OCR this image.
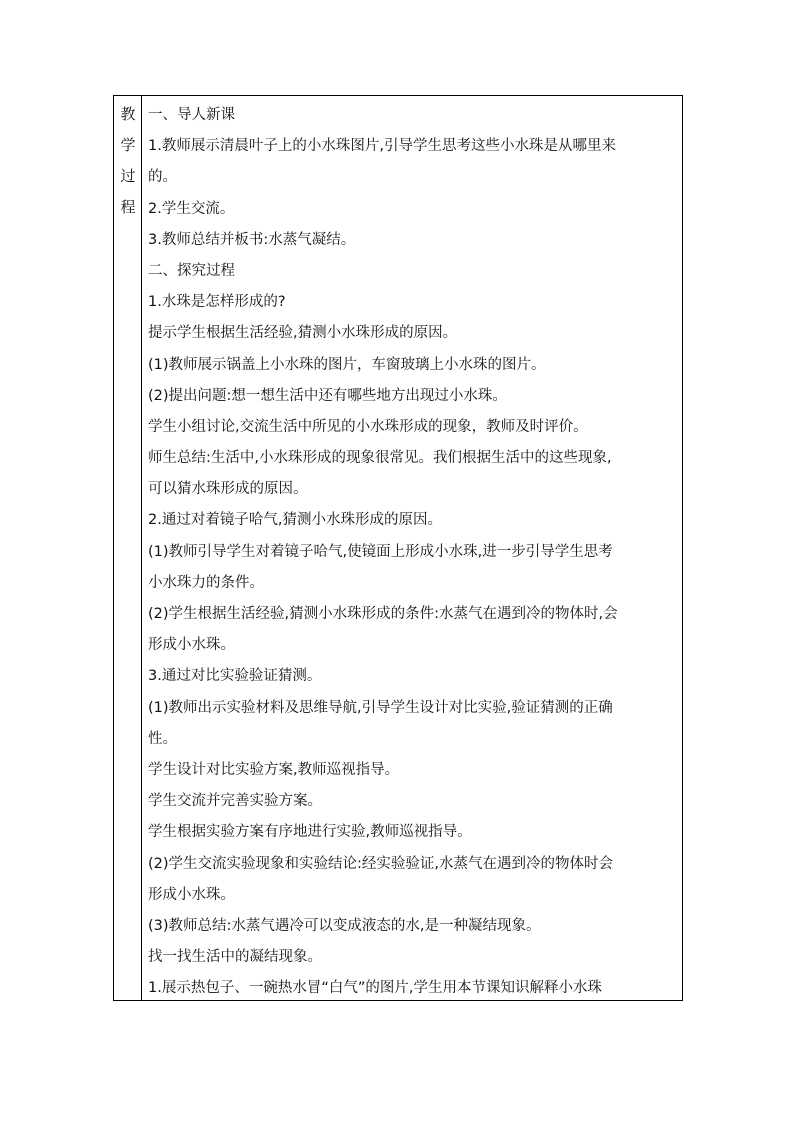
教
学
过
程
一、导人新课
1.教师展示清晨叶子上的小水珠图片,引导学生思考这些小水珠是从哪里来
的。
2.学生交流。
3.教师总结并板书:水蒸气凝结。
二、探究过程
1.水珠是怎样形成的?
提示学生根据生活经验,猜测小水珠形成的原因。
(1)教师展示锅盖上小水珠的图片，车窗玻璃上小水珠的图片。
(2)提出问题:想一想生活中还有哪些地方出现过小水珠。
学生小组讨论,交流生活中所见的小水珠形成的现象，教师及时评价。
师生总结:生活中,小水珠形成的现象很常见。我们根据生活中的这些现象,
可以猜水珠形成的原因。
2.通过对着镜子哈气,猜测小水珠形成的原因。
(1)教师引导学生对着镜子哈气,使镜面上形成小水珠,进一步引导学生思考
小水珠力的条件。
(2)学生根据生活经验,猜测小水珠形成的条件:水蒸气在遇到冷的物体时,会
形成小水珠。
3.通过对比实验验证猜测。
(1)教师出示实验材料及思维导航,引导学生设计对比实验,验证猜测的正确
性。
学生设计对比实验方案,教师巡视指导。
学生交流并完善实验方案。
学生根据实验方案有序地进行实验,教师巡视指导。
(2)学生交流实验现象和实验结论:经实验验证,水蒸气在遇到冷的物体时会
形成小水珠。
(3)教师总结:水蒸气遇冷可以变成液态的水,是一种凝结现象。
找一找生活中的凝结现象。
1.展示热包子、一碗热水冒“白气”的图片,学生用本节课知识解释小水珠
